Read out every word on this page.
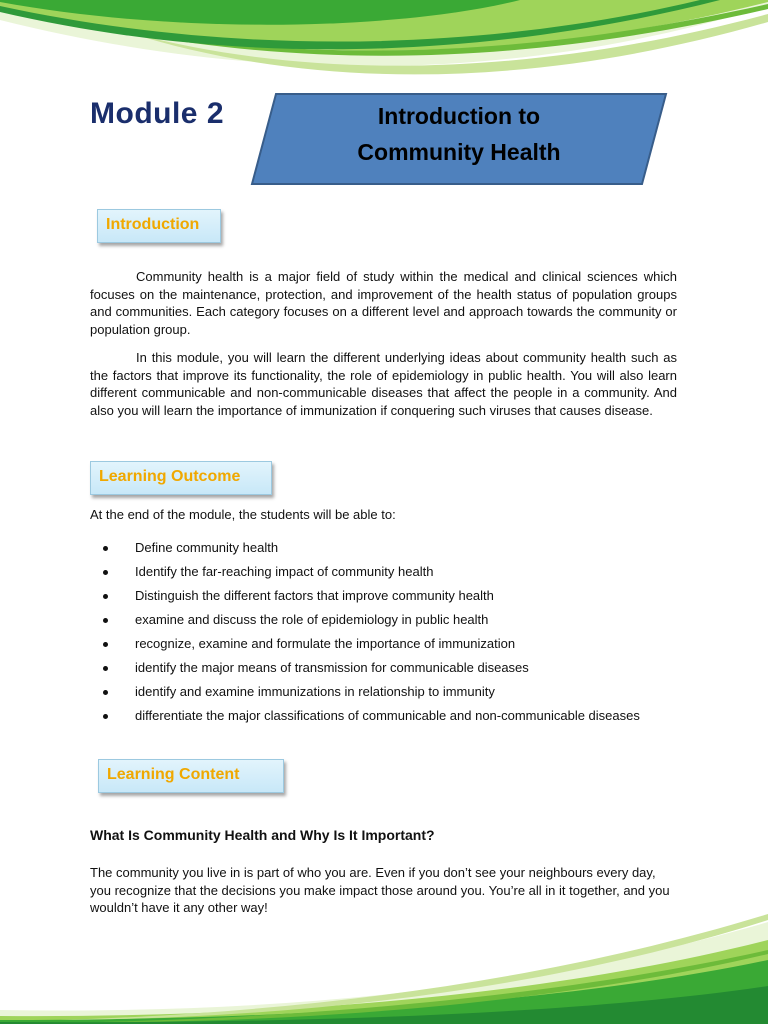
Module 2	Introduction to
Community Health
Introduction
Community health is a major field of study within the medical and clinical sciences which focuses on the maintenance, protection, and improvement of the health status of population groups and communities. Each category focuses on a different level and approach towards the community or population group.
In this module, you will learn the different underlying ideas about community health such as the factors that improve its functionality, the role of epidemiology in public health. You will also learn different communicable and non-communicable diseases that affect the people in a community. And also you will learn the importance of immunization if conquering such viruses that causes disease.
Learning Outcome
At the end of the module, the students will be able to:
Define community health
Identify the far-reaching impact of community health
Distinguish the different factors that improve community health
examine and discuss the role of epidemiology in public health
recognize, examine and formulate the importance of immunization
identify the major means of transmission for communicable diseases
identify and examine immunizations in relationship to immunity
differentiate the major classifications of communicable and non-communicable diseases
Learning Content
What Is Community Health and Why Is It Important?
The community you live in is part of who you are. Even if you don’t see your neighbours every day, you recognize that the decisions you make impact those around you. You’re all in it together, and you wouldn’t have it any other way!
